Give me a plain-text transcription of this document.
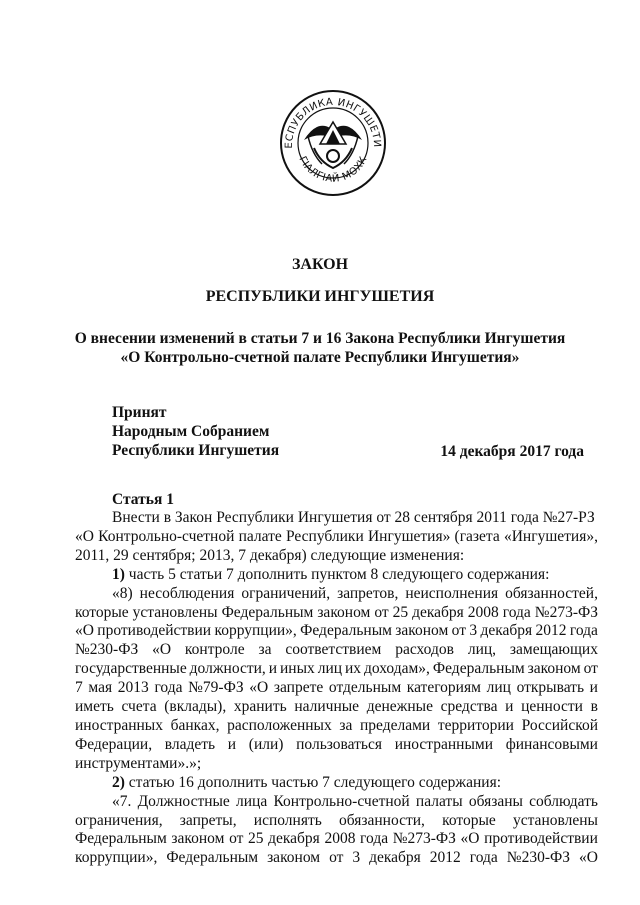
ЕСПУБЛИКА ИНГУШЕТИ
ГIАЛГIАЙ МОХК
ЗАКОН
РЕСПУБЛИКИ ИНГУШЕТИЯ
О внесении изменений в статьи 7 и 16 Закона Республики Ингушетия
«О Контрольно-счетной палате Республики Ингушетия»
Принят
Народным Собранием
Республики Ингушетия	14 декабря 2017 года
Статья 1
Внести в Закон Республики Ингушетия от 28 сентября 2011 года №27-РЗ
«О Контрольно-счетной палате Республики Ингушетия» (газета «Ингушетия»,
2011, 29 сентября; 2013, 7 декабря) следующие изменения:
1)
часть 5 статьи 7 дополнить пунктом 8 следующего содержания:
«8) несоблюдения ограничений, запретов, неисполнения обязанностей,
которые установлены Федеральным законом от 25 декабря 2008 года №273-ФЗ
«О противодействии коррупции», Федеральным законом от 3 декабря 2012 года
№230-ФЗ «О контроле за соответствием расходов лиц, замещающих
государственные должности, и иных лиц их доходам», Федеральным законом от
7 мая 2013 года №79-ФЗ «О запрете отдельным категориям лиц открывать и
иметь счета (вклады), хранить наличные денежные средства и ценности в
иностранных банках, расположенных за пределами территории Российской
Федерации, владеть и (или) пользоваться иностранными финансовыми
инструментами».»;
2)
статью 16 дополнить частью 7 следующего содержания:
«7. Должностные лица Контрольно-счетной палаты обязаны соблюдать
ограничения, запреты, исполнять обязанности, которые установлены
Федеральным законом от 25 декабря 2008 года №273-ФЗ «О противодействии
коррупции», Федеральным законом от 3 декабря 2012 года №230-ФЗ «О
